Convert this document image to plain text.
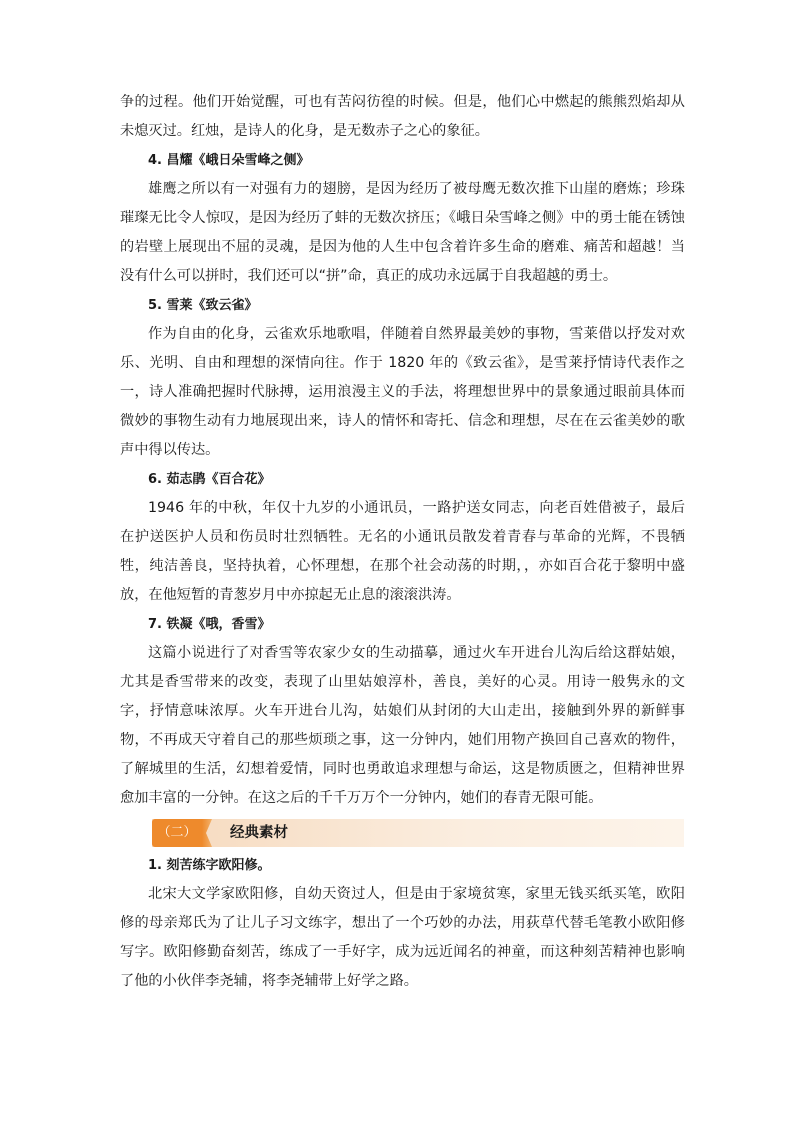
争的过程。他们开始觉醒，可也有苦闷彷徨的时候。但是，他们心中燃起的熊熊烈焰却从未熄灭过。红烛，是诗人的化身，是无数赤子之心的象征。

4. 昌耀《峨日朵雪峰之侧》

雄鹰之所以有一对强有力的翅膀，是因为经历了被母鹰无数次推下山崖的磨炼；珍珠璀璨无比令人惊叹，是因为经历了蚌的无数次挤压；《峨日朵雪峰之侧》中的勇士能在锈蚀的岩壁上展现出不屈的灵魂，是因为他的人生中包含着许多生命的磨难、痛苦和超越！当没有什么可以拼时，我们还可以“拼”命，真正的成功永远属于自我超越的勇士。

5. 雪莱《致云雀》

作为自由的化身，云雀欢乐地歌唱，伴随着自然界最美妙的事物，雪莱借以抒发对欢乐、光明、自由和理想的深情向往。作于 1820 年的《致云雀》，是雪莱抒情诗代表作之一，诗人准确把握时代脉搏，运用浪漫主义的手法，将理想世界中的景象通过眼前具体而微妙的事物生动有力地展现出来，诗人的情怀和寄托、信念和理想，尽在在云雀美妙的歌声中得以传达。

6. 茹志鹃《百合花》

1946 年的中秋，年仅十九岁的小通讯员，一路护送女同志，向老百姓借被子，最后在护送医护人员和伤员时壮烈牺牲。无名的小通讯员散发着青春与革命的光辉，不畏牺牲，纯洁善良，坚持执着，心怀理想，在那个社会动荡的时期，，亦如百合花于黎明中盛放，在他短暂的青葱岁月中亦掠起无止息的滚滚洪涛。

7. 铁凝《哦，香雪》

这篇小说进行了对香雪等农家少女的生动描摹，通过火车开进台儿沟后给这群姑娘，尤其是香雪带来的改变，表现了山里姑娘淳朴，善良，美好的心灵。用诗一般隽永的文字，抒情意味浓厚。火车开进台儿沟，姑娘们从封闭的大山走出，接触到外界的新鲜事物，不再成天守着自己的那些烦琐之事，这一分钟内，她们用物产换回自己喜欢的物件，了解城里的生活，幻想着爱情，同时也勇敢追求理想与命运，这是物质匮之，但精神世界愈加丰富的一分钟。在这之后的千千万万个一分钟内，她们的春青无限可能。

（二）	经典素材

1. 刻苦练字欧阳修。

北宋大文学家欧阳修，自幼天资过人，但是由于家境贫寒，家里无钱买纸买笔，欧阳修的母亲郑氏为了让儿子习文练字，想出了一个巧妙的办法，用荻草代替毛笔教小欧阳修写字。欧阳修勤奋刻苦，练成了一手好字，成为远近闻名的神童，而这种刻苦精神也影响了他的小伙伴李尧辅，将李尧辅带上好学之路。
